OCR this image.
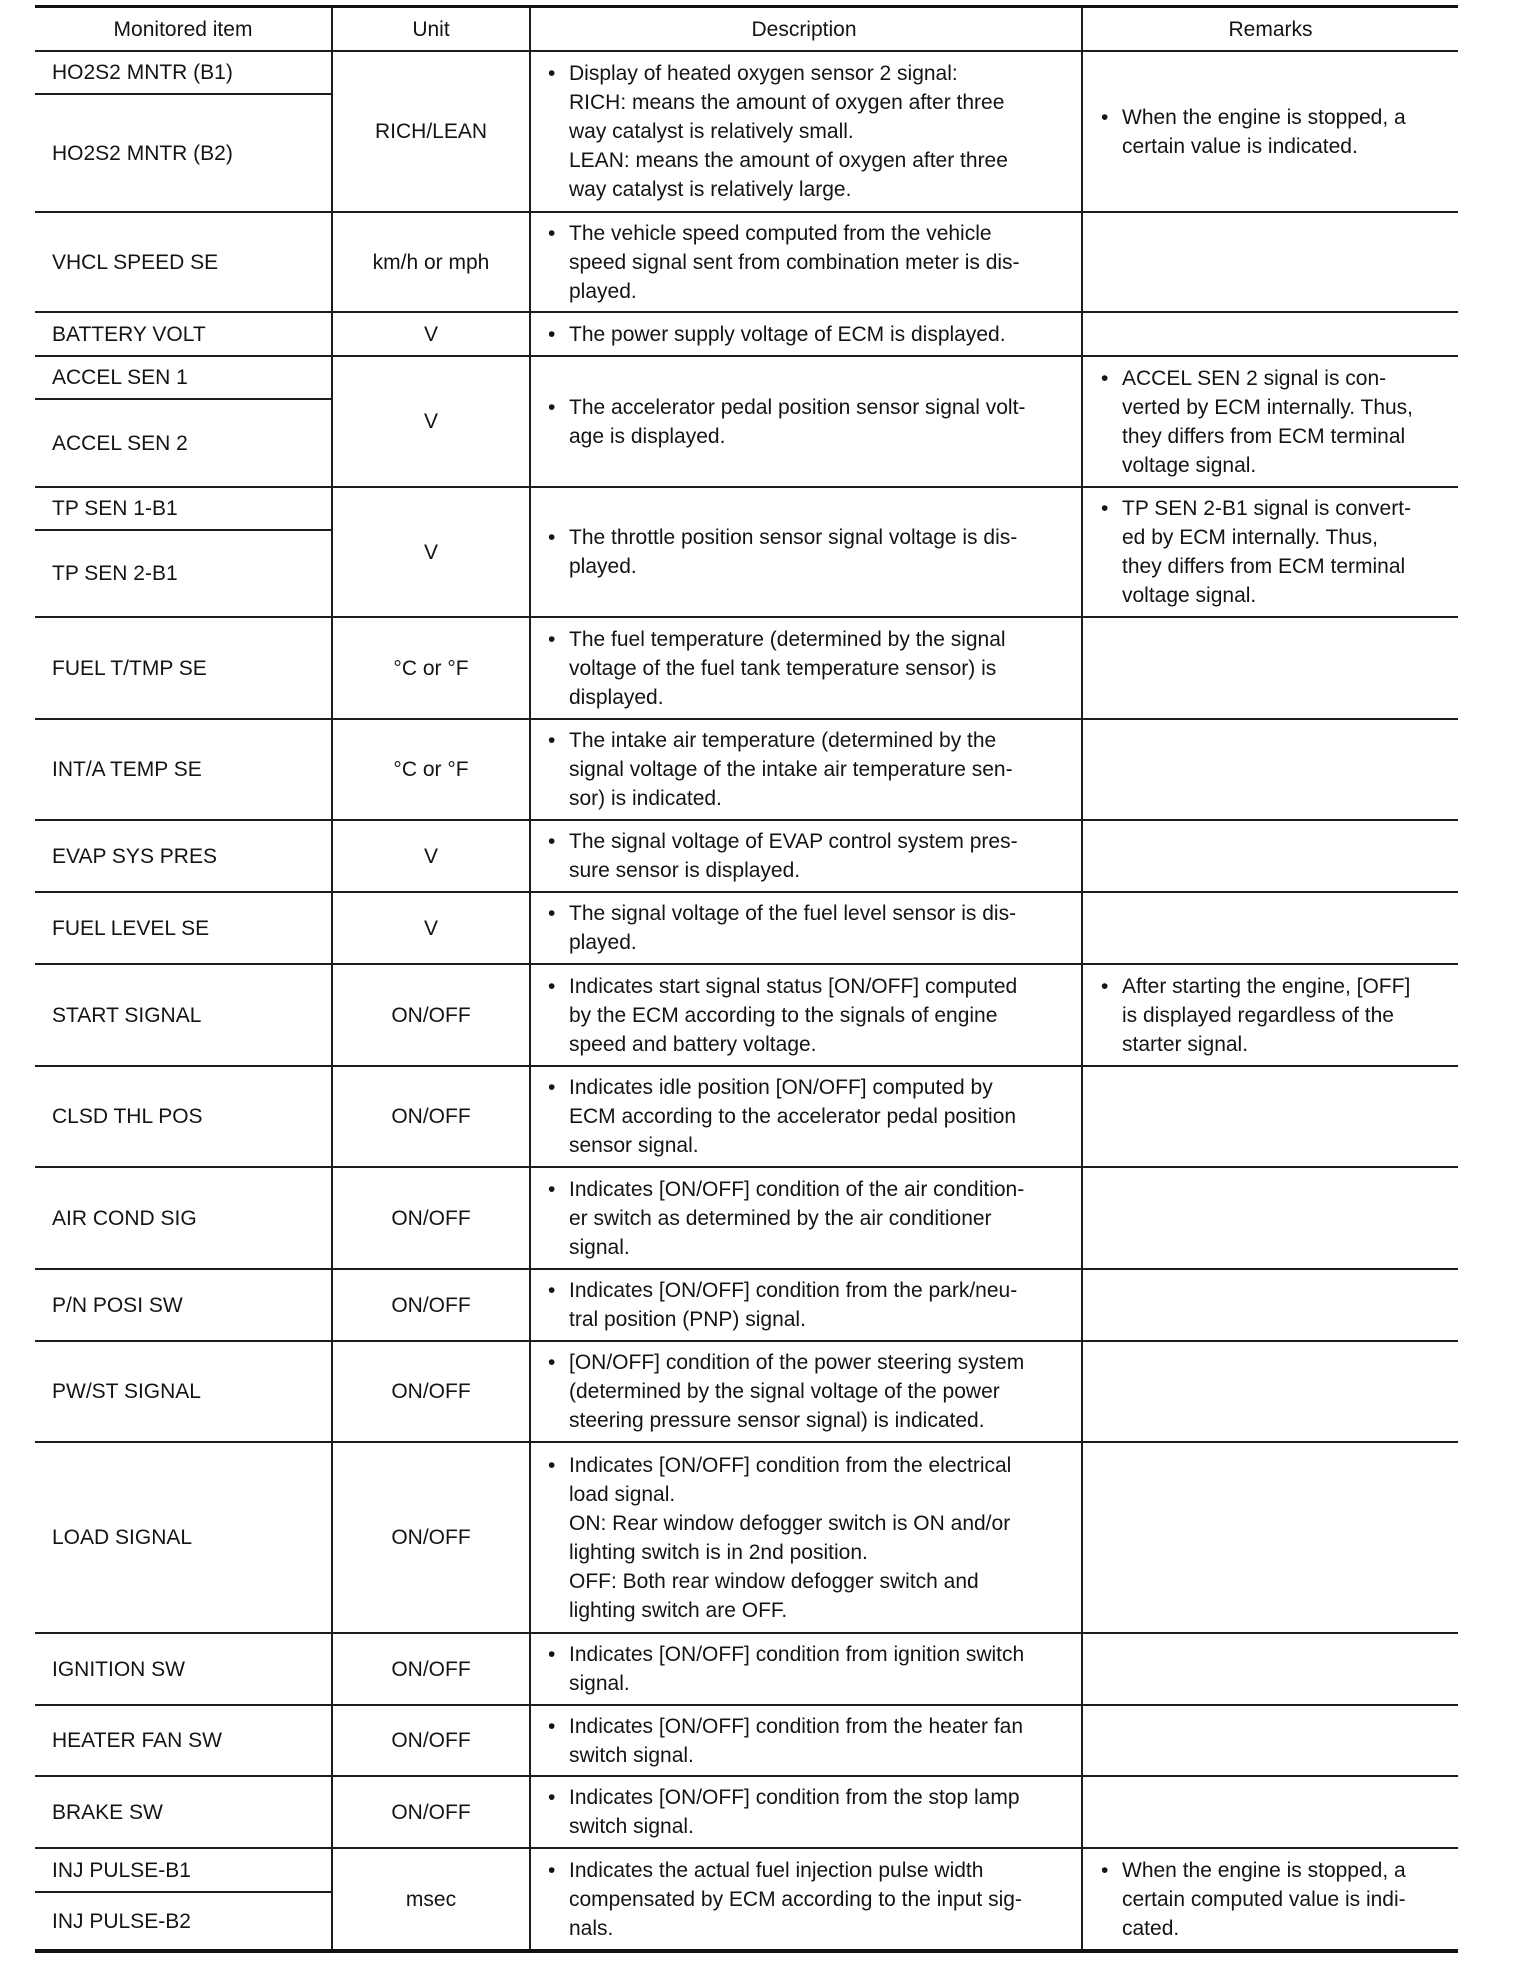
Monitored item	Unit	Description	Remarks
HO2S2 MNTR (B1)
HO2S2 MNTR (B2)
RICH/LEAN
• Display of heated oxygen sensor 2 signal:
RICH: means the amount of oxygen after three
way catalyst is relatively small.
LEAN: means the amount of oxygen after three
way catalyst is relatively large.
• When the engine is stopped, a
certain value is indicated.
VHCL SPEED SE	km/h or mph
• The vehicle speed computed from the vehicle
speed signal sent from combination meter is dis-
played.
BATTERY VOLT	V
•	The power supply voltage of ECM is displayed.
ACCEL SEN 1
ACCEL SEN 2
V
• The accelerator pedal position sensor signal volt-
age is displayed.
• ACCEL SEN 2 signal is con-
verted by ECM internally. Thus,
they differs from ECM terminal
voltage signal.
TP SEN 1-B1
TP SEN 2-B1
V
• The throttle position sensor signal voltage is dis-
played.
• TP SEN 2-B1 signal is convert-
ed by ECM internally. Thus,
they differs from ECM terminal
voltage signal.
FUEL T/TMP SE	°C or °F
• The fuel temperature (determined by the signal
voltage of the fuel tank temperature sensor) is
displayed.
INT/A TEMP SE	°C or °F
• The intake air temperature (determined by the
signal voltage of the intake air temperature sen-
sor) is indicated.
EVAP SYS PRES	V
• The signal voltage of EVAP control system pres-
sure sensor is displayed.
FUEL LEVEL SE	V
• The signal voltage of the fuel level sensor is dis-
played.
START SIGNAL	ON/OFF
• Indicates start signal status [ON/OFF] computed
by the ECM according to the signals of engine
speed and battery voltage.
• After starting the engine, [OFF]
is displayed regardless of the
starter signal.
CLSD THL POS	ON/OFF
• Indicates idle position [ON/OFF] computed by
ECM according to the accelerator pedal position
sensor signal.
AIR COND SIG	ON/OFF
• Indicates [ON/OFF] condition of the air condition-
er switch as determined by the air conditioner
signal.
P/N POSI SW	ON/OFF
• Indicates [ON/OFF] condition from the park/neu-
tral position (PNP) signal.
PW/ST SIGNAL	ON/OFF
• [ON/OFF] condition of the power steering system
(determined by the signal voltage of the power
steering pressure sensor signal) is indicated.
LOAD SIGNAL	ON/OFF
• Indicates [ON/OFF] condition from the electrical
load signal.
ON: Rear window defogger switch is ON and/or
lighting switch is in 2nd position.
OFF: Both rear window defogger switch and
lighting switch are OFF.
IGNITION SW	ON/OFF
• Indicates [ON/OFF] condition from ignition switch
signal.
HEATER FAN SW	ON/OFF
• Indicates [ON/OFF] condition from the heater fan
switch signal.
BRAKE SW	ON/OFF
• Indicates [ON/OFF] condition from the stop lamp
switch signal.
INJ PULSE-B1
INJ PULSE-B2
msec
• Indicates the actual fuel injection pulse width
compensated by ECM according to the input sig-
nals.
• When the engine is stopped, a
certain computed value is indi-
cated.
